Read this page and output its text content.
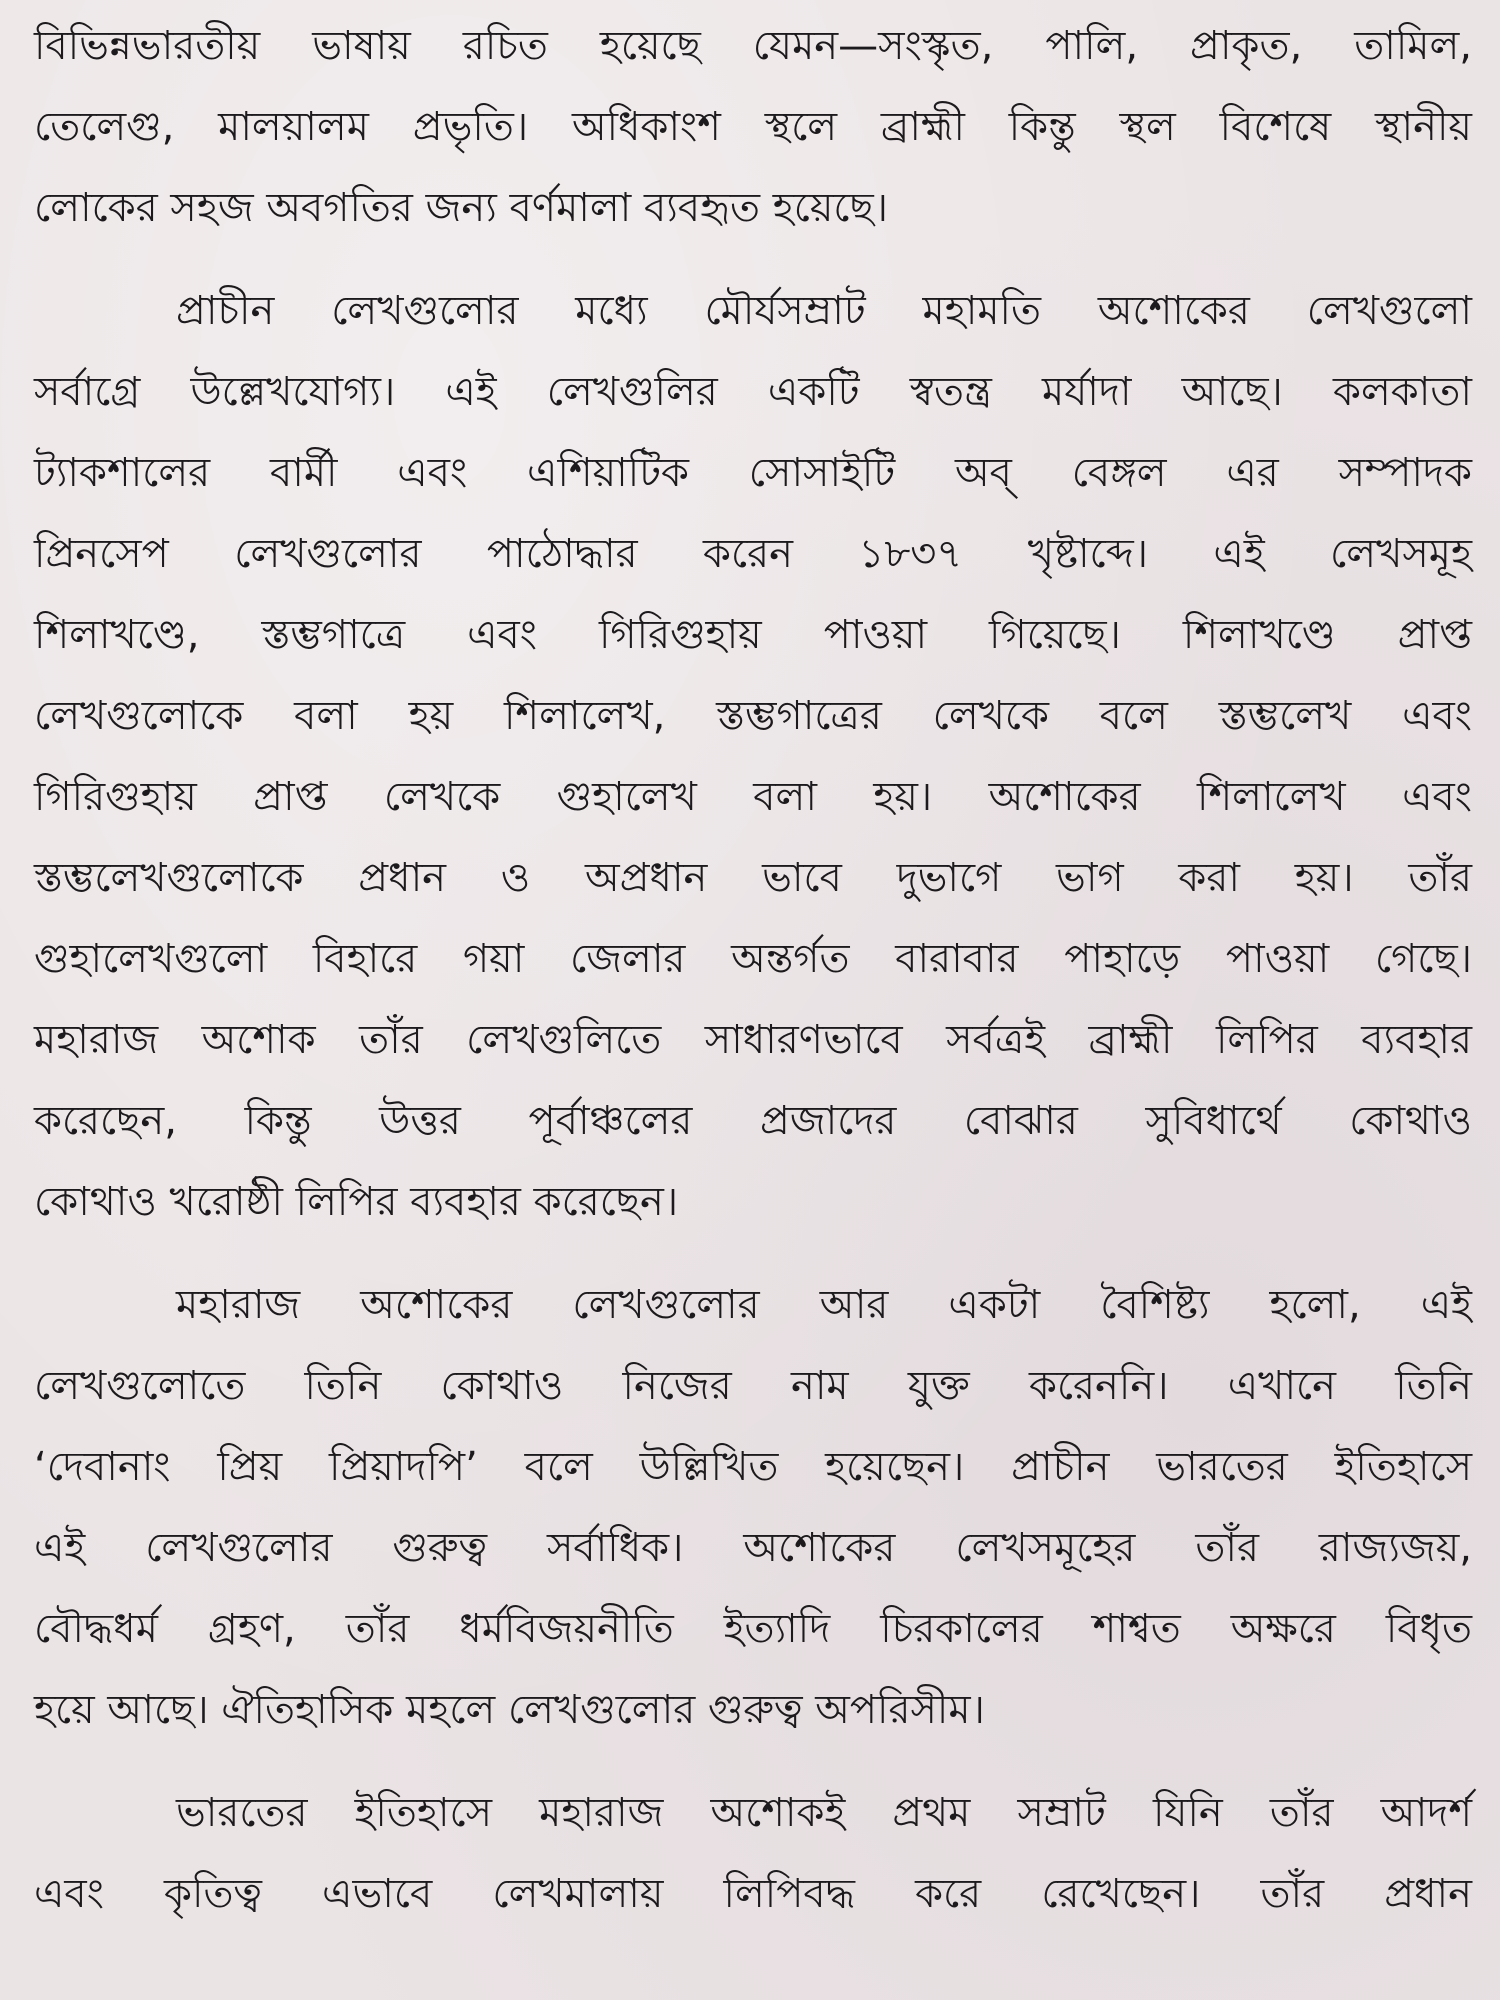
বিভিন্নভারতীয় ভাষায় রচিত হয়েছে যেমন—সংস্কৃত, পালি, প্রাকৃত, তামিল,
তেলেগু, মালয়ালম প্রভৃতি। অধিকাংশ স্থলে ব্রাহ্মী কিন্তু স্থল বিশেষে স্থানীয়
লোকের সহজ অবগতির জন্য বর্ণমালা ব্যবহৃত হয়েছে।
প্রাচীন লেখগুলোর মধ্যে মৌর্যসম্রাট মহামতি অশোকের লেখগুলো
সর্বাগ্রে উল্লেখযোগ্য। এই লেখগুলির একটি স্বতন্ত্র মর্যাদা আছে। কলকাতা
ট্যাকশালের বার্মী এবং এশিয়াটিক সোসাইটি অব্ বেঙ্গল এর সম্পাদক
প্রিনসেপ লেখগুলোর পাঠোদ্ধার করেন ১৮৩৭ খৃষ্টাব্দে। এই লেখসমূহ
শিলাখণ্ডে, স্তম্ভগাত্রে এবং গিরিগুহায় পাওয়া গিয়েছে। শিলাখণ্ডে প্রাপ্ত
লেখগুলোকে বলা হয় শিলালেখ, স্তম্ভগাত্রের লেখকে বলে স্তম্ভলেখ এবং
গিরিগুহায় প্রাপ্ত লেখকে গুহালেখ বলা হয়। অশোকের শিলালেখ এবং
স্তম্ভলেখগুলোকে প্রধান ও অপ্রধান ভাবে দুভাগে ভাগ করা হয়। তাঁর
গুহালেখগুলো বিহারে গয়া জেলার অন্তর্গত বারাবার পাহাড়ে পাওয়া গেছে।
মহারাজ অশোক তাঁর লেখগুলিতে সাধারণভাবে সর্বত্রই ব্রাহ্মী লিপির ব্যবহার
করেছেন, কিন্তু উত্তর পূর্বাঞ্চলের প্রজাদের বোঝার সুবিধার্থে কোথাও
কোথাও খরোষ্ঠী লিপির ব্যবহার করেছেন।
মহারাজ অশোকের লেখগুলোর আর একটা বৈশিষ্ট্য হলো, এই
লেখগুলোতে তিনি কোথাও নিজের নাম যুক্ত করেননি। এখানে তিনি
‘দেবানাং প্রিয় প্রিয়াদপি’ বলে উল্লিখিত হয়েছেন। প্রাচীন ভারতের ইতিহাসে
এই লেখগুলোর গুরুত্ব সর্বাধিক। অশোকের লেখসমূহের তাঁর রাজ্যজয়,
বৌদ্ধধর্ম গ্রহণ, তাঁর ধর্মবিজয়নীতি ইত্যাদি চিরকালের শাশ্বত অক্ষরে বিধৃত
হয়ে আছে। ঐতিহাসিক মহলে লেখগুলোর গুরুত্ব অপরিসীম।
ভারতের ইতিহাসে মহারাজ অশোকই প্রথম সম্রাট যিনি তাঁর আদর্শ
এবং কৃতিত্ব এভাবে লেখমালায় লিপিবদ্ধ করে রেখেছেন। তাঁর প্রধান
